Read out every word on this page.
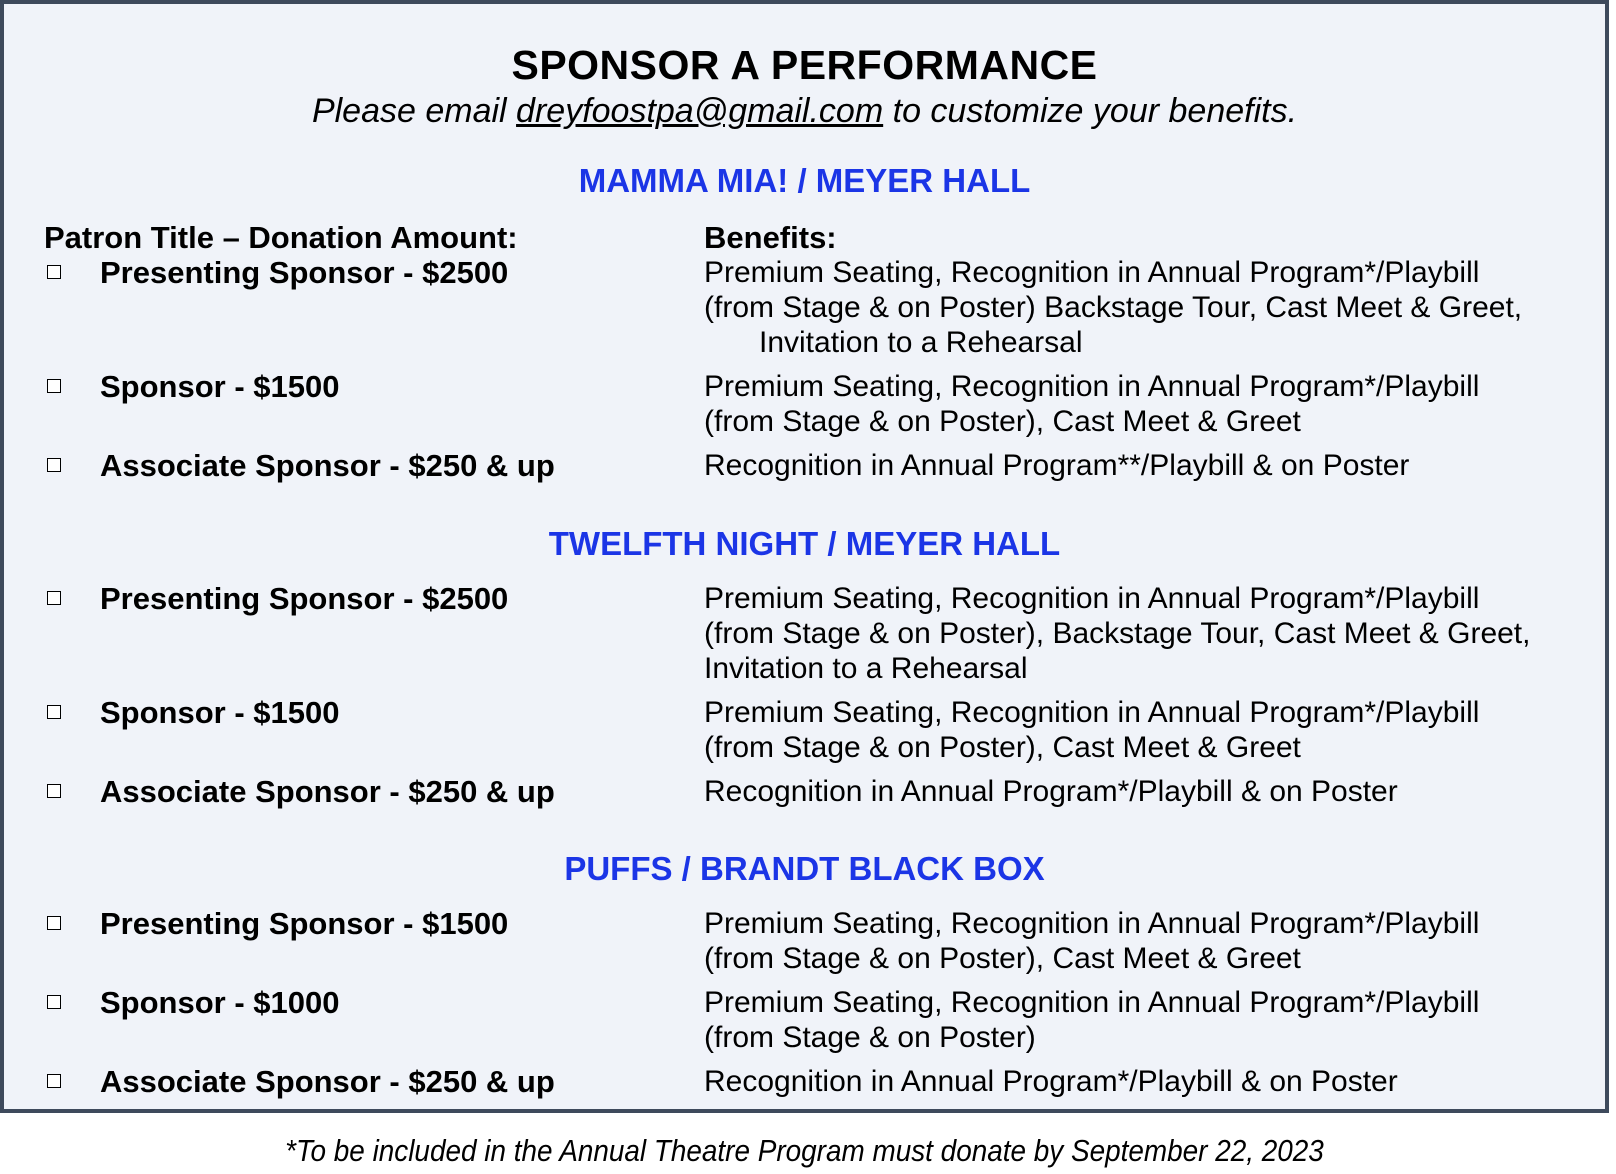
SPONSOR A PERFORMANCE
Please email dreyfoostpa@gmail.com to customize your benefits.
MAMMA MIA! / MEYER HALL
Patron Title – Donation Amount:	Benefits:
Presenting Sponsor - $2500	Premium Seating, Recognition in Annual Program*/Playbill
(from Stage & on Poster) Backstage Tour, Cast Meet & Greet,
Invitation to a Rehearsal
Sponsor - $1500	Premium Seating, Recognition in Annual Program*/Playbill
(from Stage & on Poster), Cast Meet & Greet
Associate Sponsor - $250 & up	Recognition in Annual Program**/Playbill & on Poster
TWELFTH NIGHT / MEYER HALL
Presenting Sponsor - $2500	Premium Seating, Recognition in Annual Program*/Playbill
(from Stage & on Poster), Backstage Tour, Cast Meet & Greet,
Invitation to a Rehearsal
Sponsor - $1500	Premium Seating, Recognition in Annual Program*/Playbill
(from Stage & on Poster), Cast Meet & Greet
Associate Sponsor - $250 & up	Recognition in Annual Program*/Playbill & on Poster
PUFFS / BRANDT BLACK BOX
Presenting Sponsor - $1500	Premium Seating, Recognition in Annual Program*/Playbill
(from Stage & on Poster), Cast Meet & Greet
Sponsor - $1000	Premium Seating, Recognition in Annual Program*/Playbill
(from Stage & on Poster)
Associate Sponsor - $250 & up	Recognition in Annual Program*/Playbill & on Poster
*To be included in the Annual Theatre Program must donate by September 22, 2023
